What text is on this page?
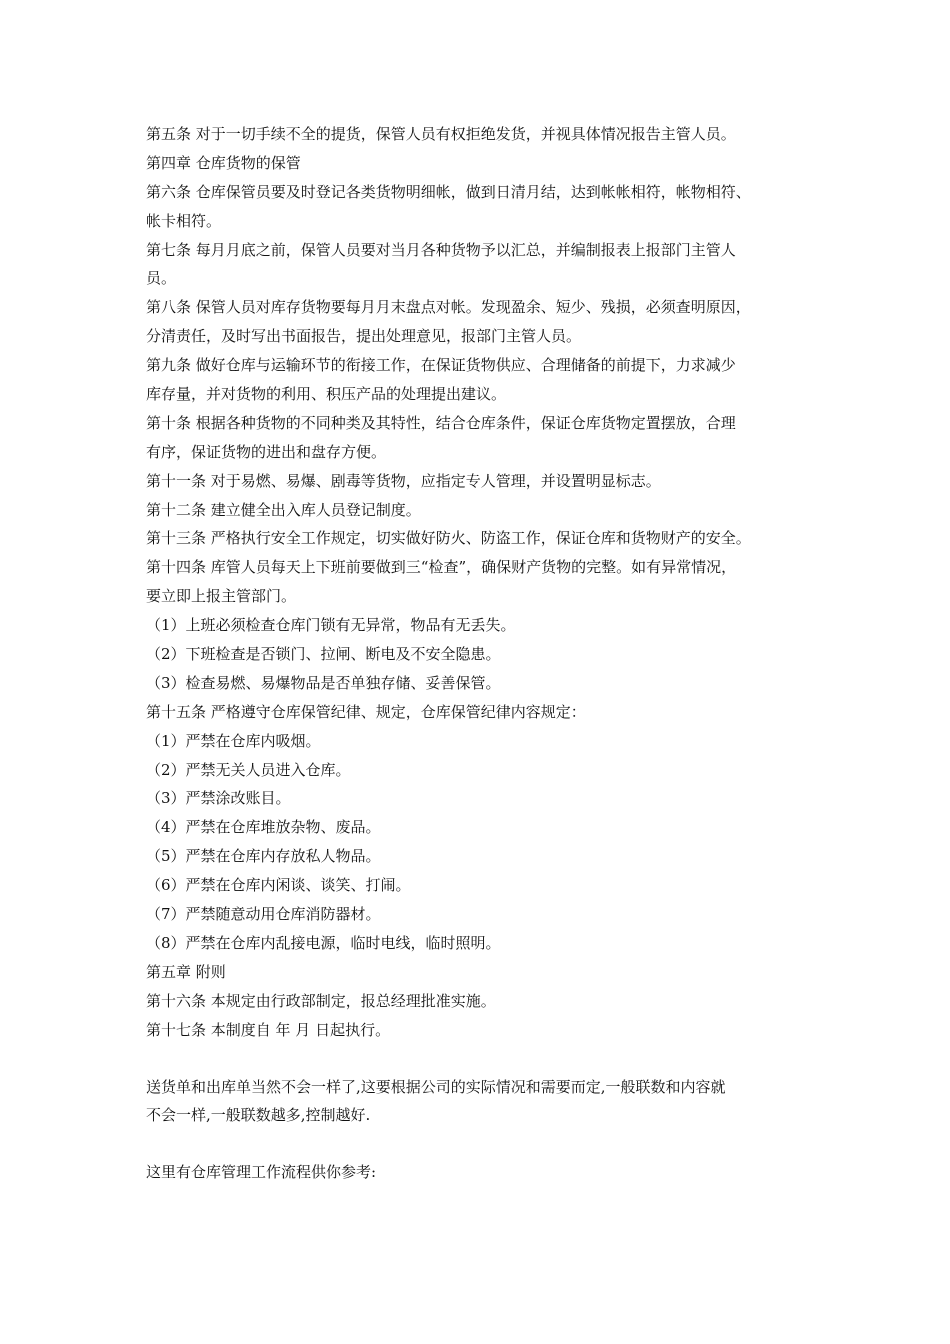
第五条 对于一切手续不全的提货，保管人员有权拒绝发货，并视具体情况报告主管人员。
第四章 仓库货物的保管
第六条 仓库保管员要及时登记各类货物明细帐，做到日清月结，达到帐帐相符，帐物相符、
帐卡相符。
第七条 每月月底之前，保管人员要对当月各种货物予以汇总，并编制报表上报部门主管人
员。
第八条 保管人员对库存货物要每月月末盘点对帐。发现盈余、短少、残损，必须查明原因，
分清责任，及时写出书面报告，提出处理意见，报部门主管人员。
第九条 做好仓库与运输环节的衔接工作，在保证货物供应、合理储备的前提下，力求减少
库存量，并对货物的利用、积压产品的处理提出建议。
第十条 根据各种货物的不同种类及其特性，结合仓库条件，保证仓库货物定置摆放，合理
有序，保证货物的进出和盘存方便。
第十一条 对于易燃、易爆、剧毒等货物，应指定专人管理，并设置明显标志。
第十二条 建立健全出入库人员登记制度。
第十三条 严格执行安全工作规定，切实做好防火、防盗工作，保证仓库和货物财产的安全。
第十四条 库管人员每天上下班前要做到三“检查”，确保财产货物的完整。如有异常情况，
要立即上报主管部门。
（1）上班必须检查仓库门锁有无异常，物品有无丢失。
（2）下班检查是否锁门、拉闸、断电及不安全隐患。
（3）检查易燃、易爆物品是否单独存储、妥善保管。
第十五条 严格遵守仓库保管纪律、规定，仓库保管纪律内容规定：
（1）严禁在仓库内吸烟。
（2）严禁无关人员进入仓库。
（3）严禁涂改账目。
（4）严禁在仓库堆放杂物、废品。
（5）严禁在仓库内存放私人物品。
（6）严禁在仓库内闲谈、谈笑、打闹。
（7）严禁随意动用仓库消防器材。
（8）严禁在仓库内乱接电源，临时电线，临时照明。
第五章 附则
第十六条 本规定由行政部制定，报总经理批准实施。
第十七条 本制度自 年 月 日起执行。
送货单和出库单当然不会一样了,这要根据公司的实际情况和需要而定,一般联数和内容就
不会一样,一般联数越多,控制越好.
这里有仓库管理工作流程供你参考:
